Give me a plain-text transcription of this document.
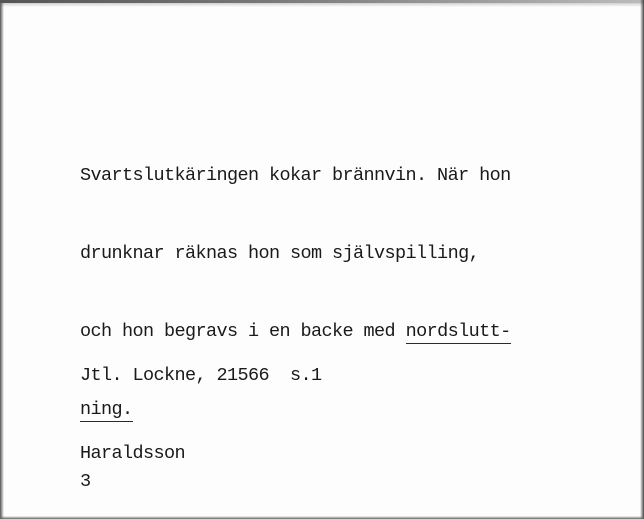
Svartslutkäringen kokar brännvin. När hon

drunknar räknas hon som självspilling,

och hon begravs i en backe med nordslutt-

ning.

Jtl. Lockne, 21566  s.1

Haraldsson

3
